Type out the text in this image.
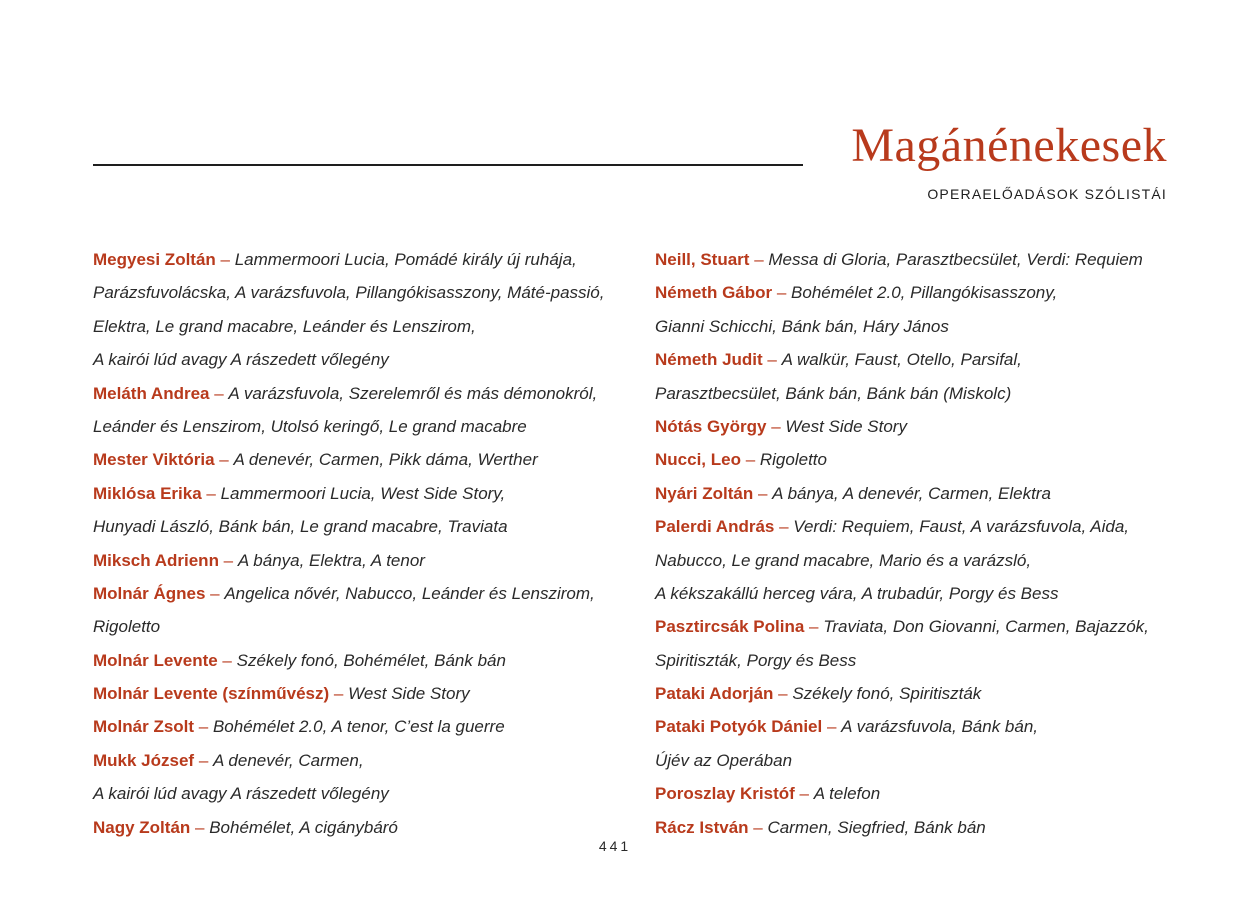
Magánénekesek
OPERAELŐADÁSOK SZÓLISTÁI
Megyesi Zoltán – Lammermoori Lucia, Pomádé király új ruhája,
Parázsfuvolácska, A varázsfuvola, Pillangókisasszony, Máté-passió,
Elektra, Le grand macabre, Leánder és Lenszirom,
A kairói lúd avagy A rászedett vőlegény
Meláth Andrea – A varázsfuvola, Szerelemről és más démonokról,
Leánder és Lenszirom, Utolsó keringő, Le grand macabre
Mester Viktória – A denevér, Carmen, Pikk dáma, Werther
Miklósa Erika – Lammermoori Lucia, West Side Story,
Hunyadi László, Bánk bán, Le grand macabre, Traviata
Miksch Adrienn – A bánya, Elektra, A tenor
Molnár Ágnes – Angelica nővér, Nabucco, Leánder és Lenszirom,
Rigoletto
Molnár Levente – Székely fonó, Bohémélet, Bánk bán
Molnár Levente (színművész) – West Side Story
Molnár Zsolt – Bohémélet 2.0, A tenor, C’est la guerre
Mukk József – A denevér, Carmen,
A kairói lúd avagy A rászedett vőlegény
Nagy Zoltán – Bohémélet, A cigánybáró
Neill, Stuart – Messa di Gloria, Parasztbecsület, Verdi: Requiem
Németh Gábor – Bohémélet 2.0, Pillangókisasszony,
Gianni Schicchi, Bánk bán, Háry János
Németh Judit – A walkür, Faust, Otello, Parsifal,
Parasztbecsület, Bánk bán, Bánk bán (Miskolc)
Nótás György – West Side Story
Nucci, Leo – Rigoletto
Nyári Zoltán – A bánya, A denevér, Carmen, Elektra
Palerdi András – Verdi: Requiem, Faust, A varázsfuvola, Aida,
Nabucco, Le grand macabre, Mario és a varázsló,
A kékszakállú herceg vára, A trubadúr, Porgy és Bess
Pasztircsák Polina – Traviata, Don Giovanni, Carmen, Bajazzók,
Spiritiszták, Porgy és Bess
Pataki Adorján – Székely fonó, Spiritiszták
Pataki Potyók Dániel – A varázsfuvola, Bánk bán,
Újév az Operában
Poroszlay Kristóf – A telefon
Rácz István – Carmen, Siegfried, Bánk bán
441
